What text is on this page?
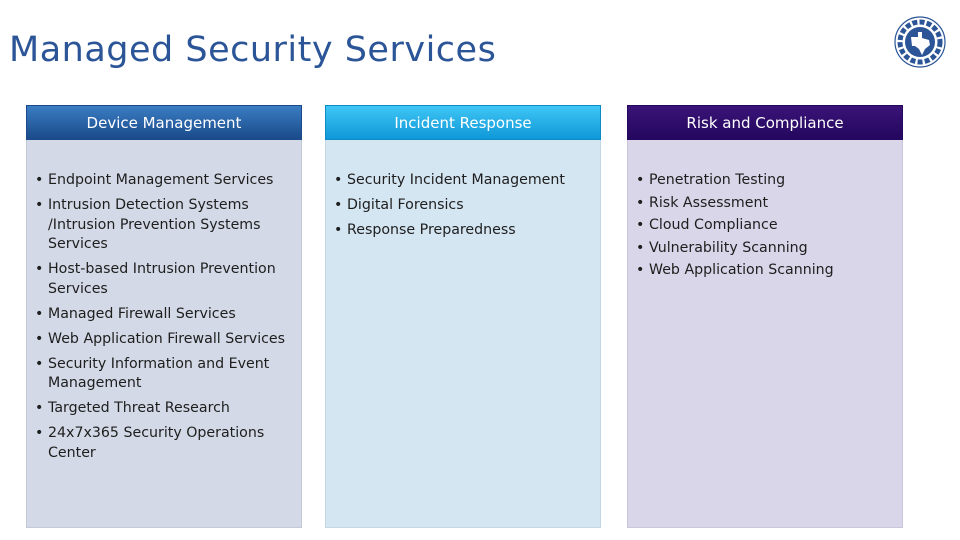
Managed Security Services
Device Management
• Endpoint Management Services
• Intrusion Detection Systems /Intrusion Prevention Systems Services
• Host-based Intrusion Prevention Services
• Managed Firewall Services
• Web Application Firewall Services
• Security Information and Event Management
• Targeted Threat Research
• 24x7x365 Security Operations Center
Incident Response
• Security Incident Management
• Digital Forensics
• Response Preparedness
Risk and Compliance
• Penetration Testing
• Risk Assessment
• Cloud Compliance
• Vulnerability Scanning
• Web Application Scanning
